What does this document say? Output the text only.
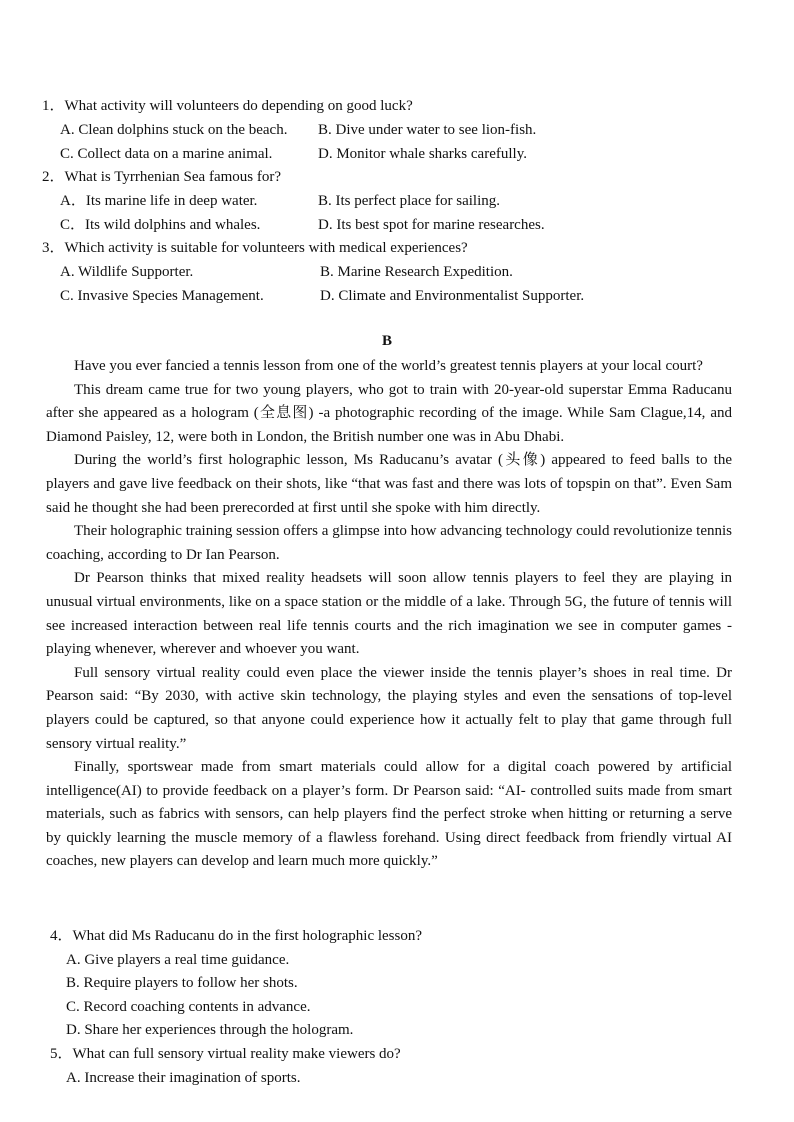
1．What activity will volunteers do depending on good luck?
A. Clean dolphins stuck on the beach. B. Dive under water to see lion-fish.
C. Collect data on a marine animal.	D. Monitor whale sharks carefully.
2．What is Tyrrhenian Sea famous for?
A．Its marine life in deep water.	B. Its perfect place for sailing.
C．Its wild dolphins and whales.	D. Its best spot for marine researches.
3．Which activity is suitable for volunteers with medical experiences?
A. Wildlife Supporter.	B. Marine Research Expedition.
C. Invasive Species Management.	D. Climate and Environmentalist Supporter.
B

Have you ever fancied a tennis lesson from one of the world’s greatest tennis players at your local court?

This dream came true for two young players, who got to train with 20-year-old superstar Emma Raducanu after she appeared as a hologram (全息图) -a photographic recording of the image. While Sam Clague,14, and Diamond Paisley, 12, were both in London, the British number one was in Abu Dhabi.

During the world’s first holographic lesson, Ms Raducanu’s avatar (头像) appeared to feed balls to the players and gave live feedback on their shots, like “that was fast and there was lots of topspin on that”. Even Sam said he thought she had been prerecorded at first until she spoke with him directly.

Their holographic training session offers a glimpse into how advancing technology could revolutionize tennis coaching, according to Dr Ian Pearson.

Dr Pearson thinks that mixed reality headsets will soon allow tennis players to feel they are playing in unusual virtual environments, like on a space station or the middle of a lake. Through 5G, the future of tennis will see increased interaction between real life tennis courts and the rich imagination we see in computer games - playing whenever, wherever and whoever you want.

Full sensory virtual reality could even place the viewer inside the tennis player’s shoes in real time. Dr Pearson said: “By 2030, with active skin technology, the playing styles and even the sensations of top-level players could be captured, so that anyone could experience how it actually felt to play that game through full sensory virtual reality.”

Finally, sportswear made from smart materials could allow for a digital coach powered by artificial intelligence(AI) to provide feedback on a player’s form. Dr Pearson said: “AI- controlled suits made from smart materials, such as fabrics with sensors, can help players find the perfect stroke when hitting or returning a serve by quickly learning the muscle memory of a flawless forehand. Using direct feedback from friendly virtual AI coaches, new players can develop and learn much more quickly.”

4．What did Ms Raducanu do in the first holographic lesson?
A. Give players a real time guidance.
B. Require players to follow her shots.
C. Record coaching contents in advance.
D. Share her experiences through the hologram.
5．What can full sensory virtual reality make viewers do?
A. Increase their imagination of sports.
